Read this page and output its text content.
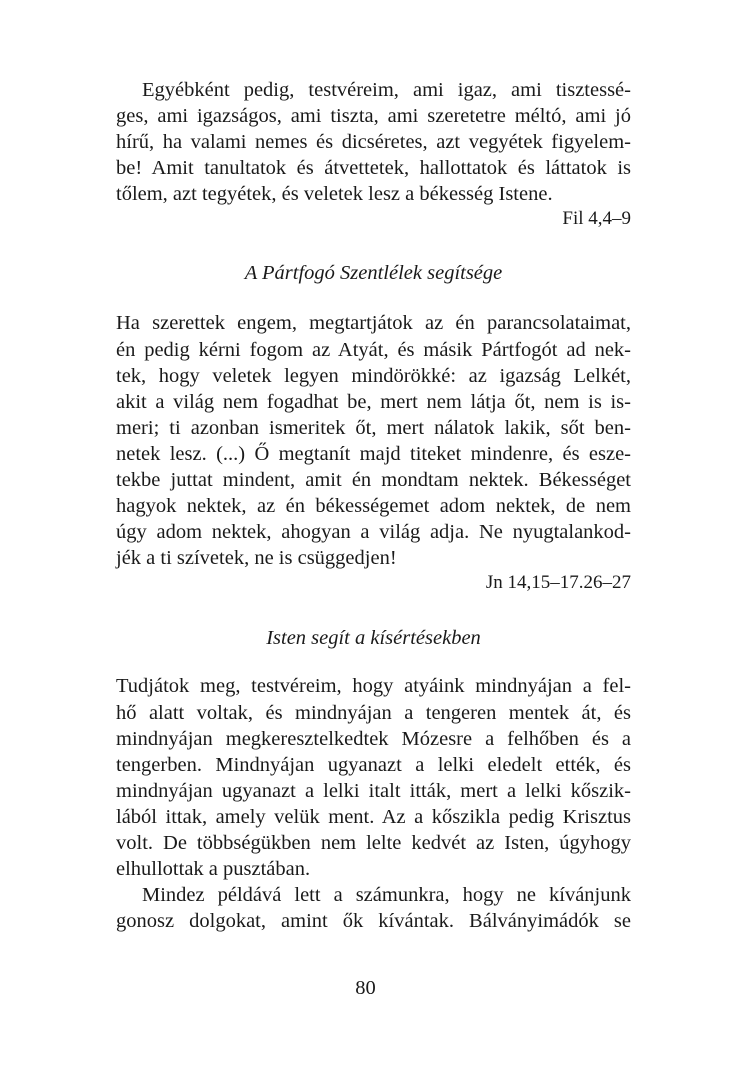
Egyébként pedig, testvéreim, ami igaz, ami tisztessé-
ges, ami igazságos, ami tiszta, ami szeretetre méltó, ami jó
hírű, ha valami nemes és dicséretes, azt vegyétek figyelem-
be! Amit tanultatok és átvettetek, hallottatok és láttatok is
tőlem, azt tegyétek, és veletek lesz a békesség Istene.
Fil 4,4–9
A Pártfogó Szentlélek segítsége
Ha szerettek engem, megtartjátok az én parancsolataimat,
én pedig kérni fogom az Atyát, és másik Pártfogót ad nek-
tek, hogy veletek legyen mindörökké: az igazság Lelkét,
akit a világ nem fogadhat be, mert nem látja őt, nem is is-
meri; ti azonban ismeritek őt, mert nálatok lakik, sőt ben-
netek lesz. (...) Ő megtanít majd titeket mindenre, és esze-
tekbe juttat mindent, amit én mondtam nektek. Békességet
hagyok nektek, az én békességemet adom nektek, de nem
úgy adom nektek, ahogyan a világ adja. Ne nyugtalankod-
jék a ti szívetek, ne is csüggedjen!
Jn 14,15–17.26–27
Isten segít a kísértésekben
Tudjátok meg, testvéreim, hogy atyáink mindnyájan a fel-
hő alatt voltak, és mindnyájan a tengeren mentek át, és
mindnyájan megkeresztelkedtek Mózesre a felhőben és a
tengerben. Mindnyájan ugyanazt a lelki eledelt ették, és
mindnyájan ugyanazt a lelki italt itták, mert a lelki kőszik-
lából ittak, amely velük ment. Az a kőszikla pedig Krisztus
volt. De többségükben nem lelte kedvét az Isten, úgyhogy
elhullottak a pusztában.
Mindez példává lett a számunkra, hogy ne kívánjunk
gonosz dolgokat, amint ők kívántak. Bálványimádók se
80
